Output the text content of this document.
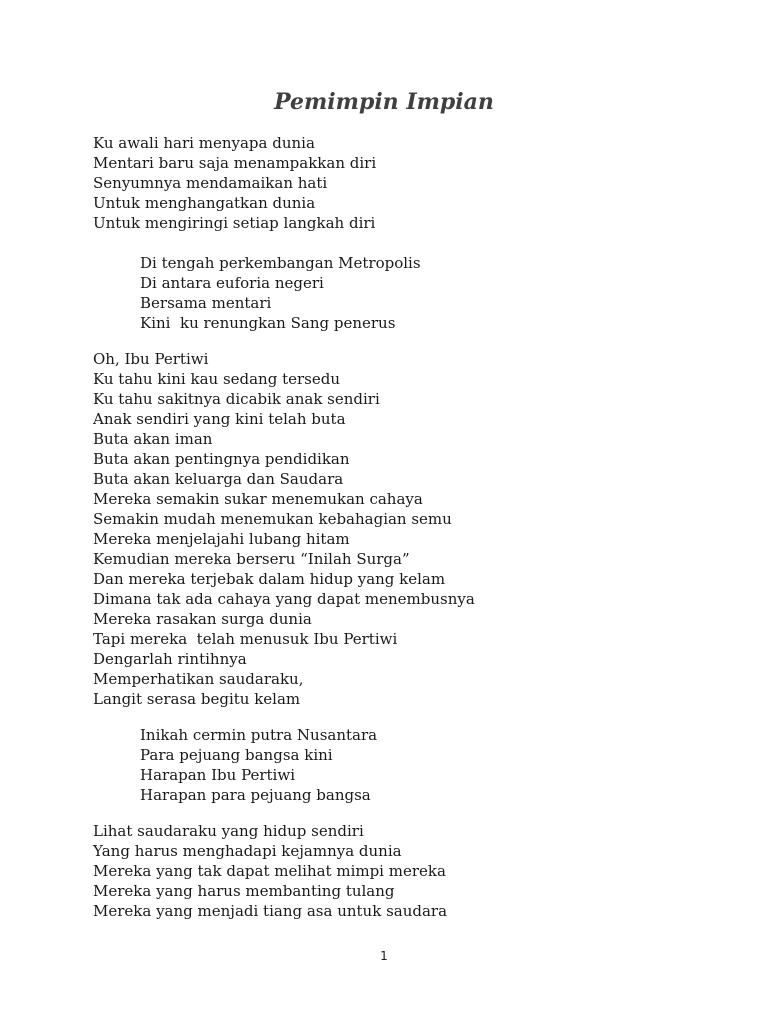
Pemimpin Impian

Ku awali hari menyapa dunia

Mentari baru saja menampakkan diri

Senyumnya mendamaikan hati

Untuk menghangatkan dunia

Untuk mengiringi setiap langkah diri

Di tengah perkembangan Metropolis

Di antara euforia negeri

Bersama mentari

Kini  ku renungkan Sang penerus

Oh, Ibu Pertiwi

Ku tahu kini kau sedang tersedu

Ku tahu sakitnya dicabik anak sendiri

Anak sendiri yang kini telah buta

Buta akan iman

Buta akan pentingnya pendidikan

Buta akan keluarga dan Saudara

Mereka semakin sukar menemukan cahaya

Semakin mudah menemukan kebahagian semu

Mereka menjelajahi lubang hitam

Kemudian mereka berseru “Inilah Surga”

Dan mereka terjebak dalam hidup yang kelam

Dimana tak ada cahaya yang dapat menembusnya

Mereka rasakan surga dunia

Tapi mereka  telah menusuk Ibu Pertiwi

Dengarlah rintihnya

Memperhatikan saudaraku,

Langit serasa begitu kelam

Inikah cermin putra Nusantara

Para pejuang bangsa kini

Harapan Ibu Pertiwi

Harapan para pejuang bangsa

Lihat saudaraku yang hidup sendiri

Yang harus menghadapi kejamnya dunia

Mereka yang tak dapat melihat mimpi mereka

Mereka yang harus membanting tulang

Mereka yang menjadi tiang asa untuk saudara

1
